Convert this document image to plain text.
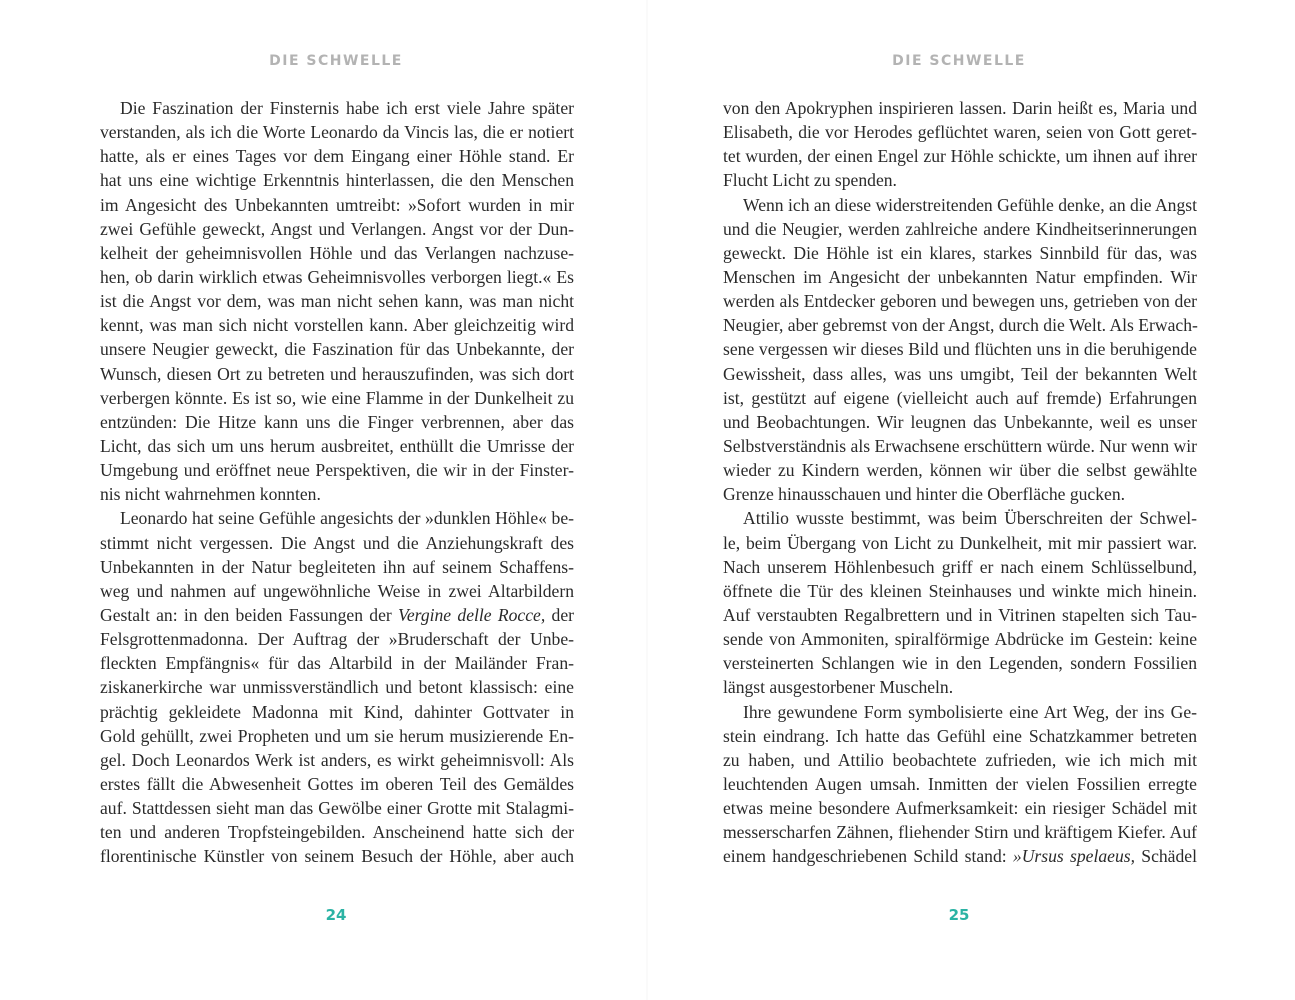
DIE SCHWELLE
Die Faszination der Finsternis habe ich erst viele Jahre später
verstanden, als ich die Worte Leonardo da Vincis las, die er notiert
hatte, als er eines Tages vor dem Eingang einer Höhle stand. Er
hat uns eine wichtige Erkenntnis hinterlassen, die den Menschen
im Angesicht des Unbekannten umtreibt: »Sofort wurden in mir
zwei Gefühle geweckt, Angst und Verlangen. Angst vor der Dun-
kelheit der geheimnisvollen Höhle und das Verlangen nachzuse-
hen, ob darin wirklich etwas Geheimnisvolles verborgen liegt.« Es
ist die Angst vor dem, was man nicht sehen kann, was man nicht
kennt, was man sich nicht vorstellen kann. Aber gleichzeitig wird
unsere Neugier geweckt, die Faszination für das Unbekannte, der
Wunsch, diesen Ort zu betreten und herauszufinden, was sich dort
verbergen könnte. Es ist so, wie eine Flamme in der Dunkelheit zu
entzünden: Die Hitze kann uns die Finger verbrennen, aber das
Licht, das sich um uns herum ausbreitet, enthüllt die Umrisse der
Umgebung und eröffnet neue Perspektiven, die wir in der Finster-
nis nicht wahrnehmen konnten.
Leonardo hat seine Gefühle angesichts der »dunklen Höhle« be-
stimmt nicht vergessen. Die Angst und die Anziehungskraft des
Unbekannten in der Natur begleiteten ihn auf seinem Schaffens-
weg und nahmen auf ungewöhnliche Weise in zwei Altarbildern
Gestalt an: in den beiden Fassungen der Vergine delle Rocce, der
Felsgrottenmadonna. Der Auftrag der »Bruderschaft der Unbe-
fleckten Empfängnis« für das Altarbild in der Mailänder Fran-
ziskanerkirche war unmissverständlich und betont klassisch: eine
prächtig gekleidete Madonna mit Kind, dahinter Gottvater in
Gold gehüllt, zwei Propheten und um sie herum musizierende En-
gel. Doch Leonardos Werk ist anders, es wirkt geheimnisvoll: Als
erstes fällt die Abwesenheit Gottes im oberen Teil des Gemäldes
auf. Stattdessen sieht man das Gewölbe einer Grotte mit Stalagmi-
ten und anderen Tropfsteingebilden. Anscheinend hatte sich der
florentinische Künstler von seinem Besuch der Höhle, aber auch
24
DIE SCHWELLE
von den Apokryphen inspirieren lassen. Darin heißt es, Maria und
Elisabeth, die vor Herodes geflüchtet waren, seien von Gott geret-
tet wurden, der einen Engel zur Höhle schickte, um ihnen auf ihrer
Flucht Licht zu spenden.
Wenn ich an diese widerstreitenden Gefühle denke, an die Angst
und die Neugier, werden zahlreiche andere Kindheitserinnerungen
geweckt. Die Höhle ist ein klares, starkes Sinnbild für das, was
Menschen im Angesicht der unbekannten Natur empfinden. Wir
werden als Entdecker geboren und bewegen uns, getrieben von der
Neugier, aber gebremst von der Angst, durch die Welt. Als Erwach-
sene vergessen wir dieses Bild und flüchten uns in die beruhigende
Gewissheit, dass alles, was uns umgibt, Teil der bekannten Welt
ist, gestützt auf eigene (vielleicht auch auf fremde) Erfahrungen
und Beobachtungen. Wir leugnen das Unbekannte, weil es unser
Selbstverständnis als Erwachsene erschüttern würde. Nur wenn wir
wieder zu Kindern werden, können wir über die selbst gewählte
Grenze hinausschauen und hinter die Oberfläche gucken.
Attilio wusste bestimmt, was beim Überschreiten der Schwel-
le, beim Übergang von Licht zu Dunkelheit, mit mir passiert war.
Nach unserem Höhlenbesuch griff er nach einem Schlüsselbund,
öffnete die Tür des kleinen Steinhauses und winkte mich hinein.
Auf verstaubten Regalbrettern und in Vitrinen stapelten sich Tau-
sende von Ammoniten, spiralförmige Abdrücke im Gestein: keine
versteinerten Schlangen wie in den Legenden, sondern Fossilien
längst ausgestorbener Muscheln.
Ihre gewundene Form symbolisierte eine Art Weg, der ins Ge-
stein eindrang. Ich hatte das Gefühl eine Schatzkammer betreten
zu haben, und Attilio beobachtete zufrieden, wie ich mich mit
leuchtenden Augen umsah. Inmitten der vielen Fossilien erregte
etwas meine besondere Aufmerksamkeit: ein riesiger Schädel mit
messerscharfen Zähnen, fliehender Stirn und kräftigem Kiefer. Auf
einem handgeschriebenen Schild stand: »Ursus spelaeus, Schädel
25
